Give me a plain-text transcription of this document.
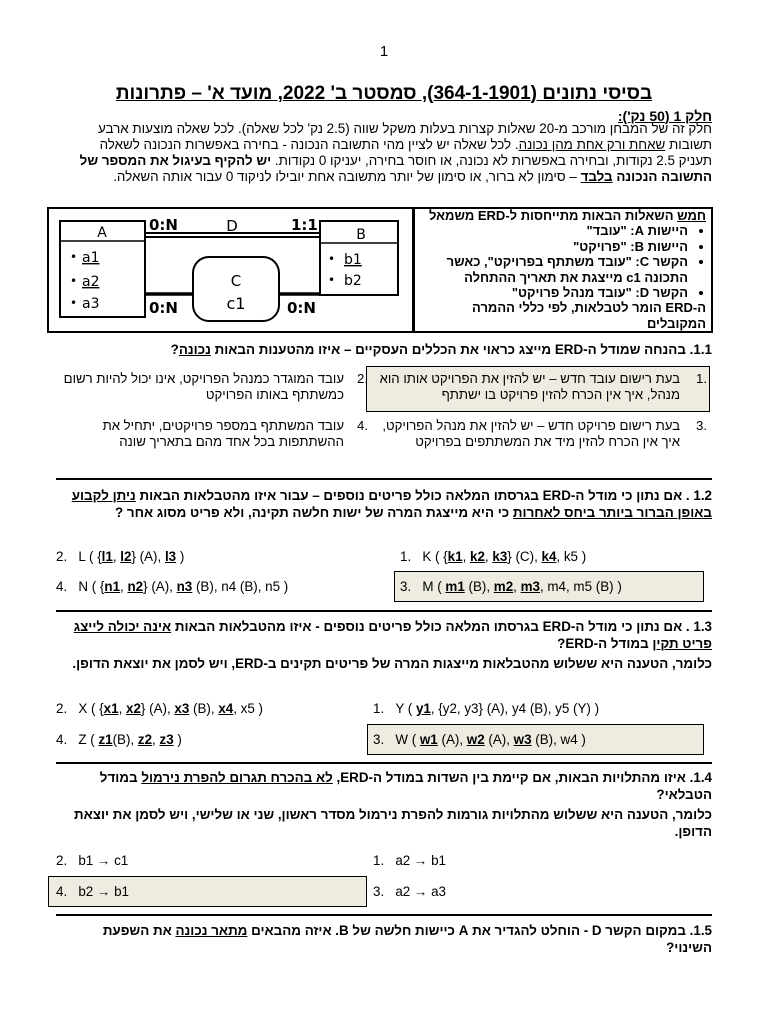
1
בסיסי נתונים (364-1-1901), סמסטר ב' 2022, מועד א' – פתרונות
חלק 1 (50 נק'):
חלק זה של המבחן מורכב מ-20 שאלות קצרות בעלות משקל שווה (2.5 נק' לכל שאלה). לכל שאלה מוצעות ארבע תשובות שאחת ורק אחת מהן נכונה. לכל שאלה יש לציין מהי התשובה הנכונה - בחירה באפשרות הנכונה לשאלה תעניק 2.5 נקודות, ובחירה באפשרות לא נכונה, או חוסר בחירה, יעניקו 0 נקודות. יש להקיף בעיגול את המספר של התשובה הנכונה בלבד – סימון לא ברור, או סימון של יותר מתשובה אחת יובילו לניקוד 0 עבור אותה השאלה.
A
• a1
• a2
• a3
B
• b1
• b2
C
c1
D
0:N	1:1
0:N	0:N
חמש השאלות הבאות מתייחסות ל-ERD משמאל
• היישות A: "עובד"
• היישות B: "פרויקט"
• הקשר C: "עובד משתתף בפרויקט", כאשר התכונה c1 מייצגת את תאריך ההתחלה
• הקשר D: "עובד מנהל פרויקט"
ה-ERD הומר לטבלאות, לפי כללי ההמרה המקובלים
1.1. בהנחה שמודל ה-ERD מייצג כראוי את הכללים העסקיים – איזו מהטענות הבאות נכונה?
בעת רישום עובד חדש – יש להזין את הפרויקט אותו הוא מנהל, איך אין הכרח להזין פרויקט בו ישתתף
1.
עובד המוגדר כמנהל הפרויקט, אינו יכול להיות רשום כמשתתף באותו הפרויקט
2.
בעת רישום פרויקט חדש – יש להזין את מנהל הפרויקט, איך אין הכרח להזין מיד את המשתתפים בפרויקט
3.
עובד המשתתף במספר פרויקטים, יתחיל את ההשתתפות בכל אחד מהם בתאריך שונה
4.
1.2 . אם נתון כי מודל ה-ERD בגרסתו המלאה כולל פריטים נוספים – עבור איזו מהטבלאות הבאות ניתן לקבוע באופן הברור ביותר ביחס לאחרות כי היא מייצגת המרה של ישות חלשה תקינה, ולא פריט מסוג אחר ?
1. K ( {k1, k2, k3} (C), k4, k5 )
2. L ( {l1, l2} (A), l3 )
3. M ( m1 (B), m2, m3, m4, m5 (B) )
4. N ( {n1, n2} (A), n3 (B), n4 (B), n5 )
1.3 . אם נתון כי מודל ה-ERD בגרסתו המלאה כולל פריטים נוספים - איזו מהטבלאות הבאות אינה יכולה לייצג פריט תקין במודל ה-ERD?
כלומר, הטענה היא ששלוש מהטבלאות מייצגות המרה של פריטים תקינים ב-ERD, ויש לסמן את יוצאת הדופן.
1. Y ( y1, {y2, y3} (A), y4 (B), y5 (Y) )
2. X ( {x1, x2} (A), x3 (B), x4, x5 )
3. W ( w1 (A), w2 (A), w3 (B), w4 )
4. Z ( z1(B), z2, z3 )
1.4. איזו מהתלויות הבאות, אם קיימת בין השדות במודל ה-ERD, לא בהכרח תגרום להפרת נירמול במודל הטבלאי?
כלומר, הטענה היא ששלוש מהתלויות גורמות להפרת נירמול מסדר ראשון, שני או שלישי, ויש לסמן את יוצאת הדופן.
1. a2 → b1
2. b1 → c1
3. a2 → a3
4. b2 → b1
1.5. במקום הקשר D - הוחלט להגדיר את A כיישות חלשה של B. איזה מהבאים מתאר נכונה את השפעת השינוי?
